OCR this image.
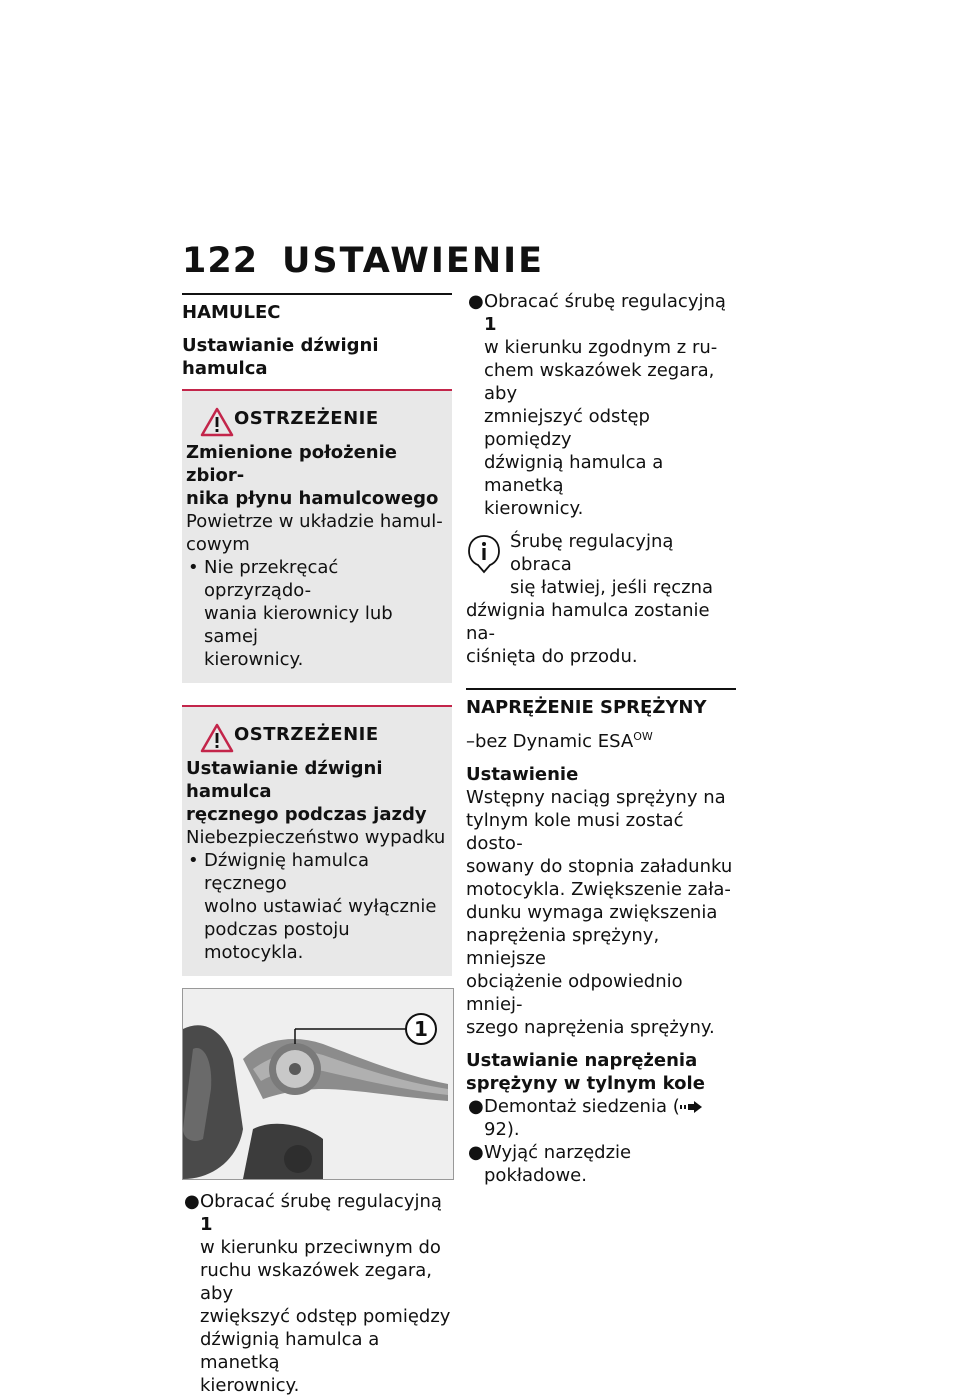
122 USTAWIENIE
HAMULEC
Ustawianie dźwigni hamulca
OSTRZEŻENIE
Zmienione położenie zbior-
nika płynu hamulcowego
Powietrze w układzie hamul-
cowym
• Nie przekręcać oprzyrządo-
wania kierownicy lub samej
kierownicy.
OSTRZEŻENIE
Ustawianie dźwigni hamulca
ręcznego podczas jazdy
Niebezpieczeństwo wypadku
• Dźwignię hamulca ręcznego
wolno ustawiać wyłącznie
podczas postoju motocykla.
1
● Obracać śrubę regulacyjną 1
w kierunku przeciwnym do
ruchu wskazówek zegara, aby
zwiększyć odstęp pomiędzy
dźwignią hamulca a manetką
kierownicy.
● Obracać śrubę regulacyjną 1
w kierunku zgodnym z ru-
chem wskazówek zegara, aby
zmniejszyć odstęp pomiędzy
dźwignią hamulca a manetką
kierownicy.
Śrubę regulacyjną obraca
się łatwiej, jeśli ręczna
dźwignia hamulca zostanie na-
ciśnięta do przodu.
NAPRĘŻENIE SPRĘŻYNY
–bez Dynamic $ESA^{OW}$
Ustawienie
Wstępny naciąg sprężyny na
tylnym kole musi zostać dosto-
sowany do stopnia załadunku
motocykla. Zwiększenie zała-
dunku wymaga zwiększenia
naprężenia sprężyny, mniejsze
obciążenie odpowiednio mniej-
szego naprężenia sprężyny.
Ustawianie naprężenia
sprężyny w tylnym kole
● Demontaż siedzenia ( 92).
● Wyjąć narzędzie pokładowe.
